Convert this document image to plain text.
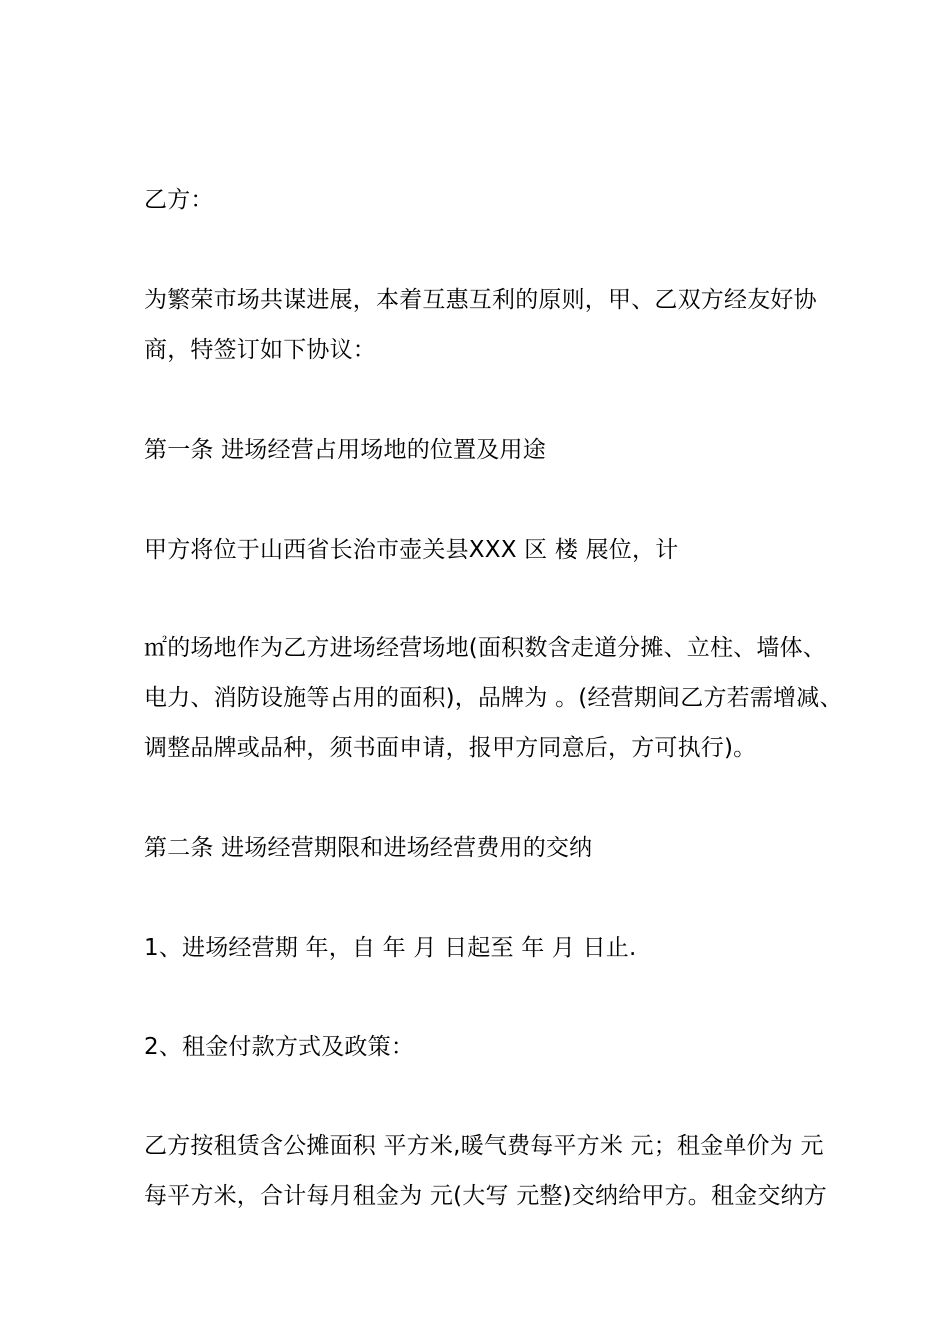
乙方：
为繁荣市场共谋进展，本着互惠互利的原则，甲、乙双方经友好协
商，特签订如下协议：
第一条 进场经营占用场地的位置及用途
甲方将位于山西省长治市壶关县XXX 区 楼 展位，计
㎡的场地作为乙方进场经营场地(面积数含走道分摊、立柱、墙体、
电力、消防设施等占用的面积)，品牌为 。(经营期间乙方若需增减、
调整品牌或品种，须书面申请，报甲方同意后，方可执行)。
第二条 进场经营期限和进场经营费用的交纳
1、进场经营期 年，自 年 月 日起至 年 月 日止.
2、租金付款方式及政策：
乙方按租赁含公摊面积 平方米,暖气费每平方米 元；租金单价为 元
每平方米，合计每月租金为 元(大写 元整)交纳给甲方。租金交纳方
